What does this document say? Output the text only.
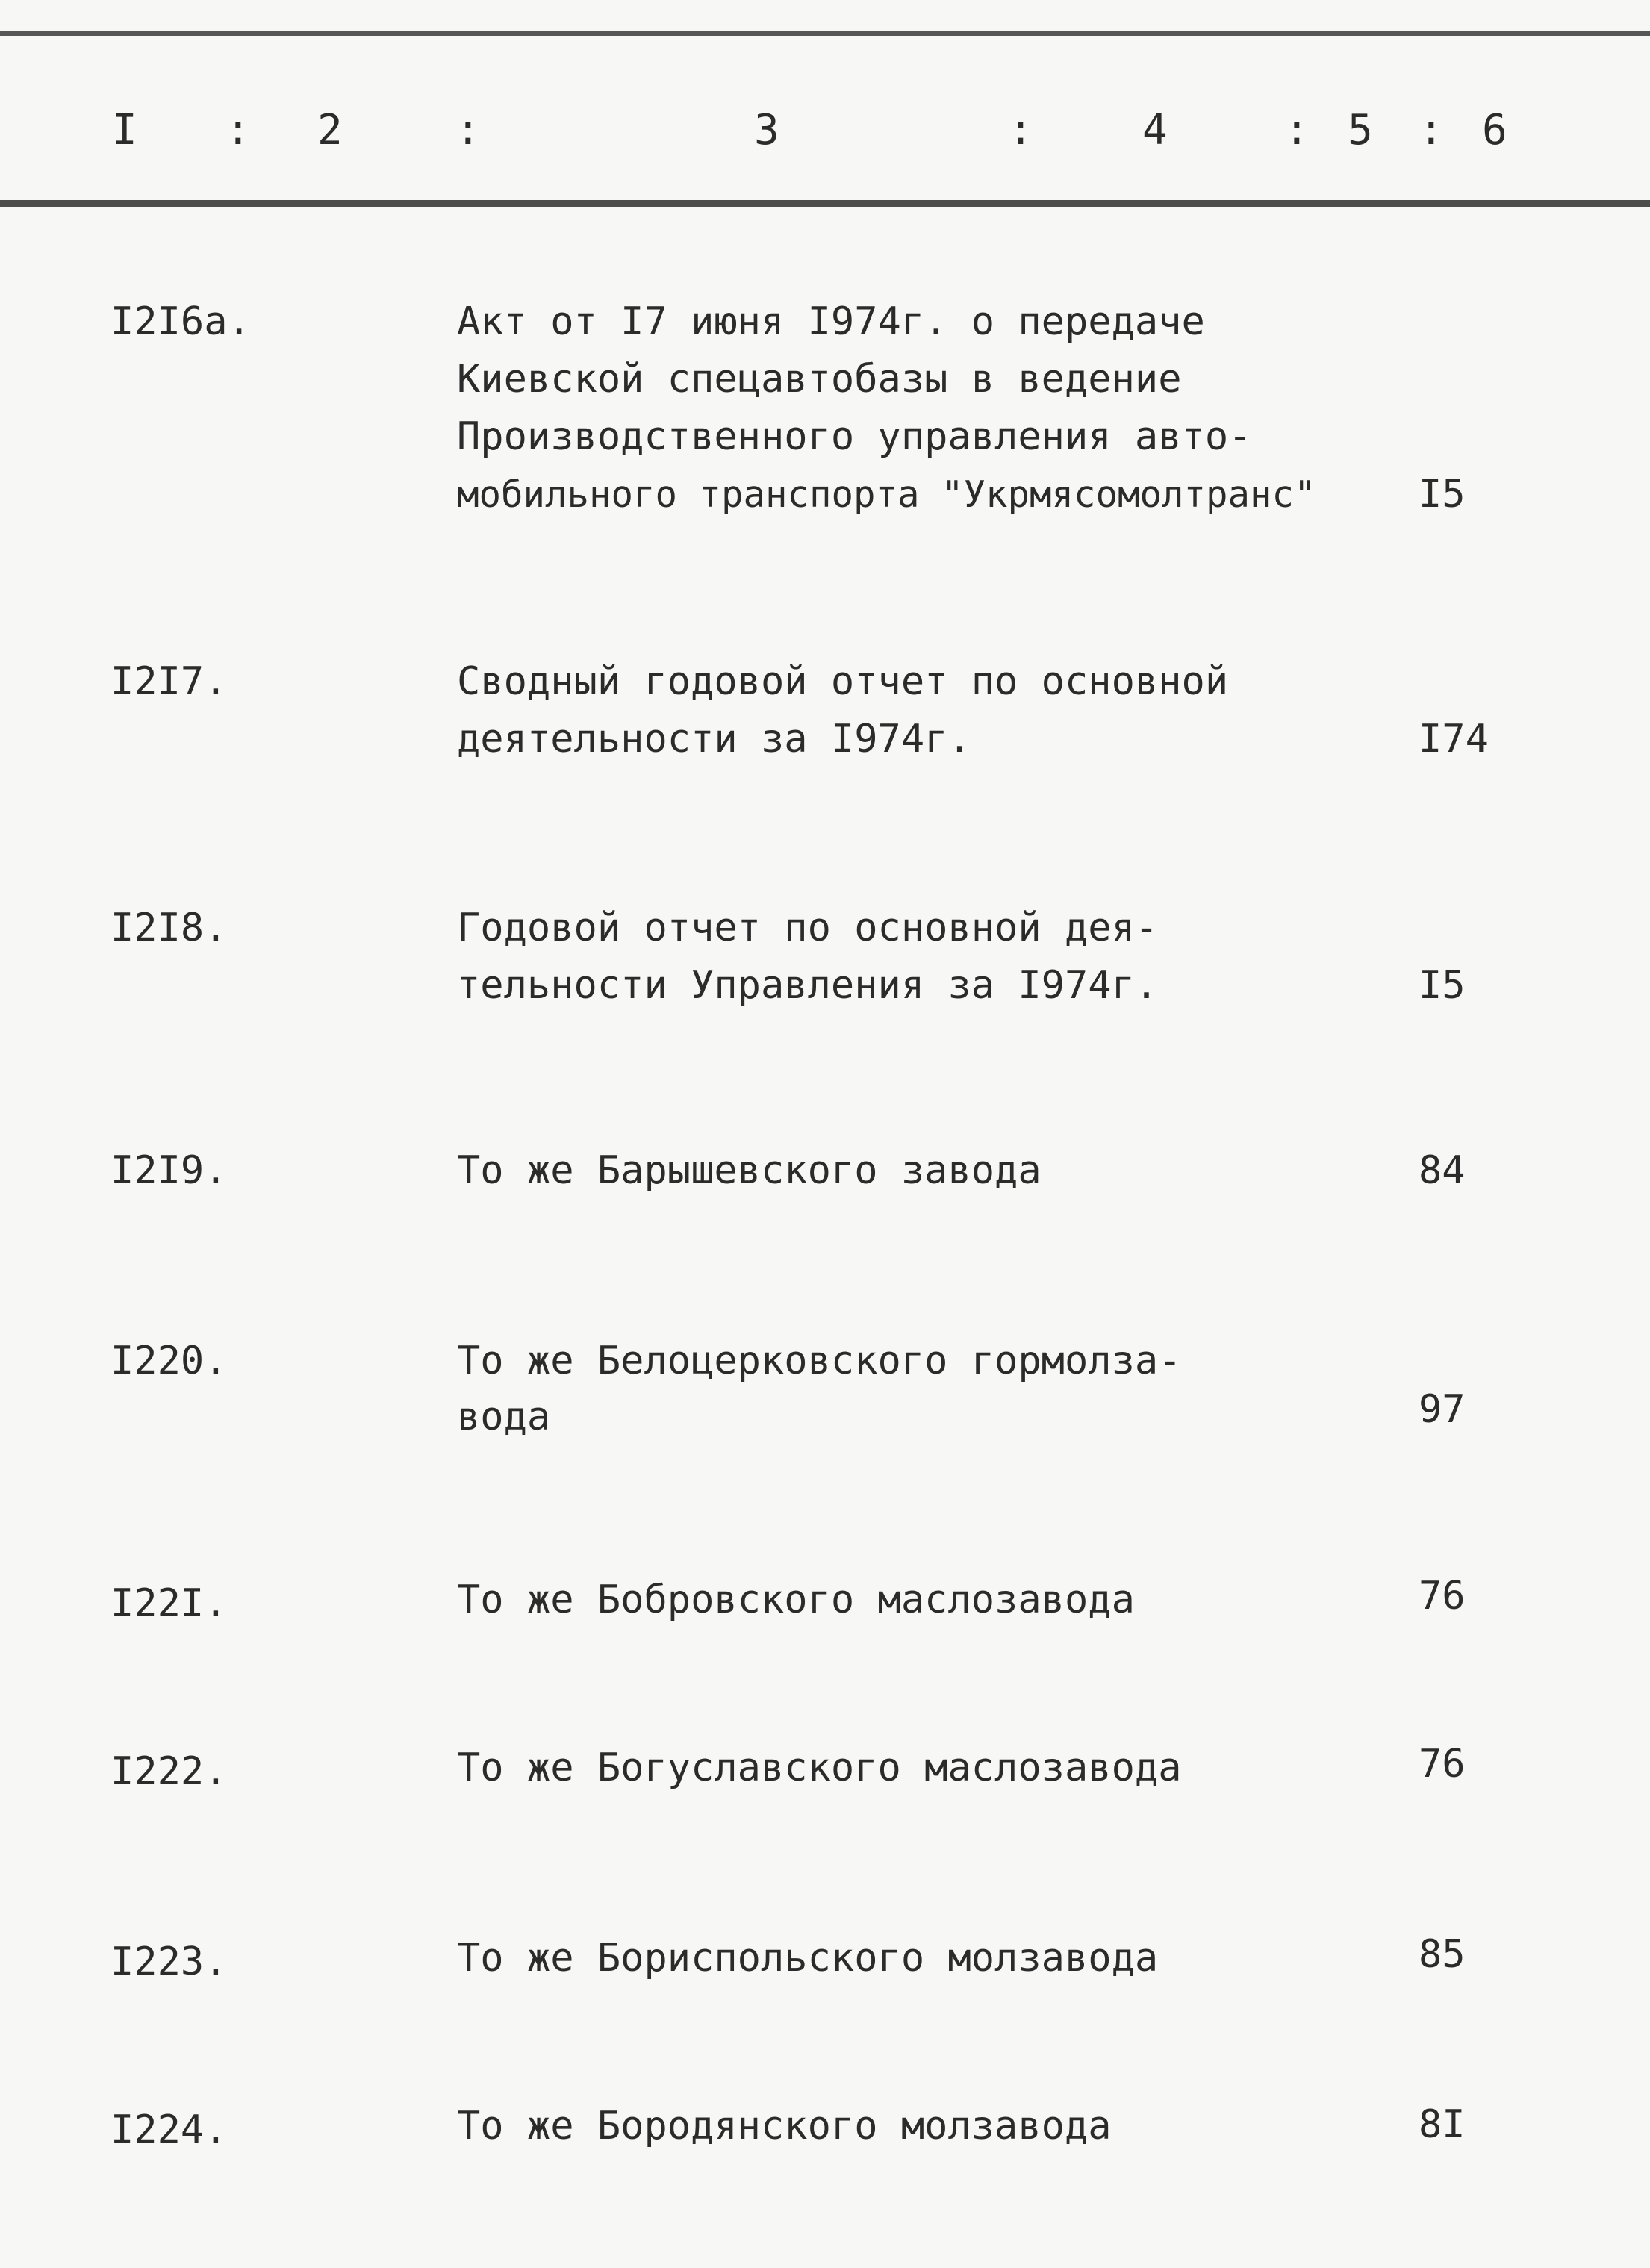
I : 2	:	3	:	4	: 5 : 6
I2I6a.	Акт от I7 июня I974г. о передаче
Киевской спецавтобазы в ведение
Производственного управления авто-
мобильного транспорта "Укрмясомолтранс"	I5
I2I7.	Сводный годовой отчет по основной
деятельности за I974г.	I74
I2I8.	Годовой отчет по основной дея-
тельности Управления за I974г.	I5
I2I9.	То же Барышевского завода	84
I220.	То же Белоцерковского гормолза-
вода	97
I22I.	То же Бобровского маслозавода	76
I222.	То же Богуславского маслозавода	76
I223.	То же Бориспольского молзавода	85
I224.	То же Бородянского молзавода	8I
